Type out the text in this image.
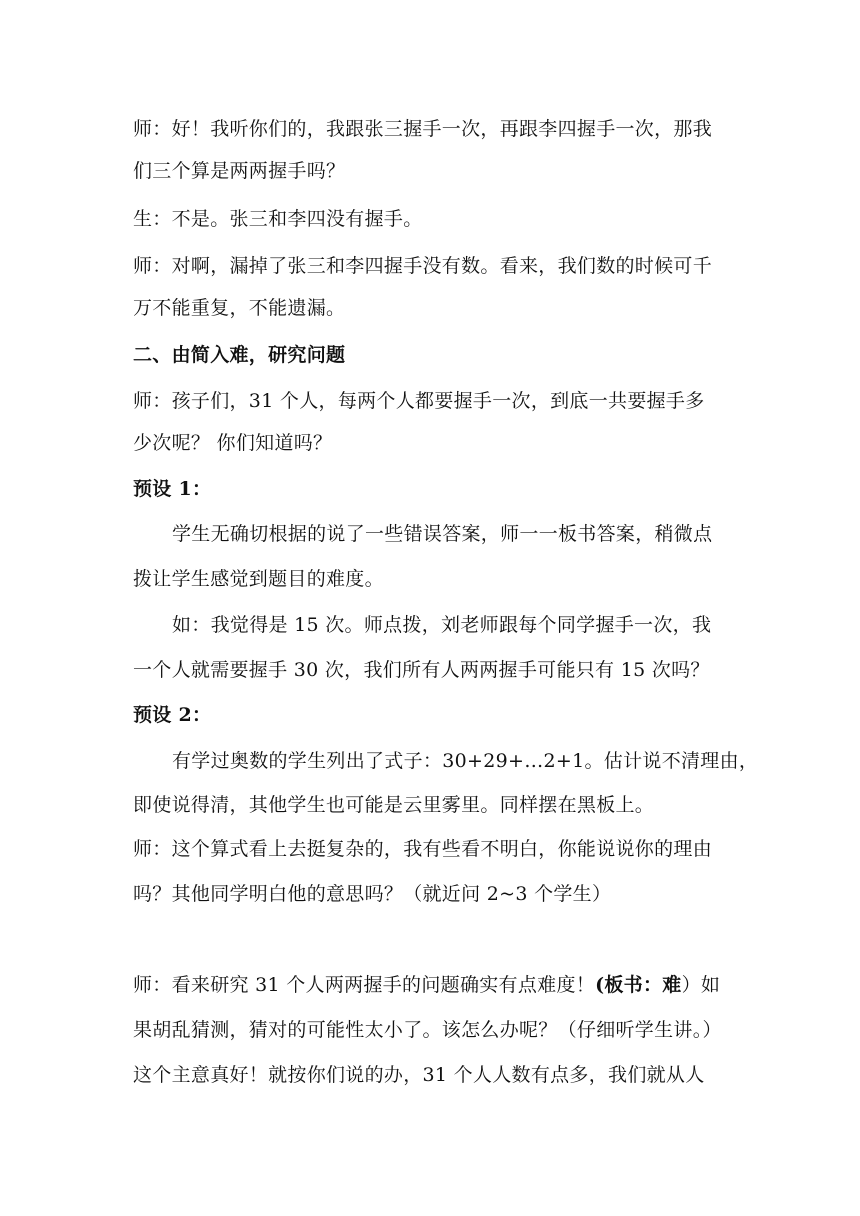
师：好！我听你们的，我跟张三握手一次，再跟李四握手一次，那我
们三个算是两两握手吗？
生：不是。张三和李四没有握手。
师：对啊，漏掉了张三和李四握手没有数。看来，我们数的时候可千
万不能重复，不能遗漏。
二、由简入难，研究问题
师：孩子们，31 个人，每两个人都要握手一次，到底一共要握手多
少次呢？ 你们知道吗？
预设 1：
学生无确切根据的说了一些错误答案，师一一板书答案，稍微点
拨让学生感觉到题目的难度。
如：我觉得是 15 次。师点拨，刘老师跟每个同学握手一次，我
一个人就需要握手 30 次，我们所有人两两握手可能只有 15 次吗？
预设 2：
有学过奥数的学生列出了式子：30+29+…2+1。估计说不清理由，
即使说得清，其他学生也可能是云里雾里。同样摆在黑板上。
师：这个算式看上去挺复杂的，我有些看不明白，你能说说你的理由
吗？其他同学明白他的意思吗？（就近问 2~3 个学生）
师：看来研究 31 个人两两握手的问题确实有点难度！(板书：难）如
果胡乱猜测，猜对的可能性太小了。该怎么办呢？（仔细听学生讲。）
这个主意真好！就按你们说的办，31 个人人数有点多，我们就从人
